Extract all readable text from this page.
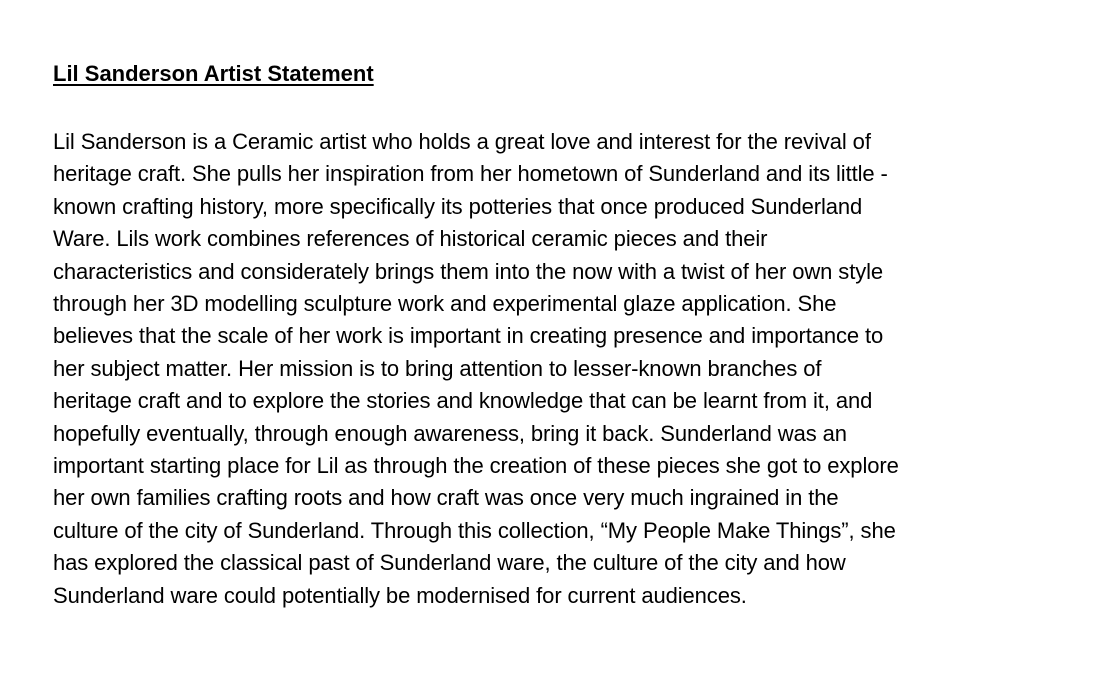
Lil Sanderson Artist Statement
Lil Sanderson is a Ceramic artist who holds a great love and interest for the revival of
heritage craft. She pulls her inspiration from her hometown of Sunderland and its little -
known crafting history, more specifically its potteries that once produced Sunderland
Ware. Lils work combines references of historical ceramic pieces and their
characteristics and considerately brings them into the now with a twist of her own style
through her 3D modelling sculpture work and experimental glaze application. She
believes that the scale of her work is important in creating presence and importance to
her subject matter. Her mission is to bring attention to lesser-known branches of
heritage craft and to explore the stories and knowledge that can be learnt from it, and
hopefully eventually, through enough awareness, bring it back. Sunderland was an
important starting place for Lil as through the creation of these pieces she got to explore
her own families crafting roots and how craft was once very much ingrained in the
culture of the city of Sunderland. Through this collection, “My People Make Things”, she
has explored the classical past of Sunderland ware, the culture of the city and how
Sunderland ware could potentially be modernised for current audiences.
